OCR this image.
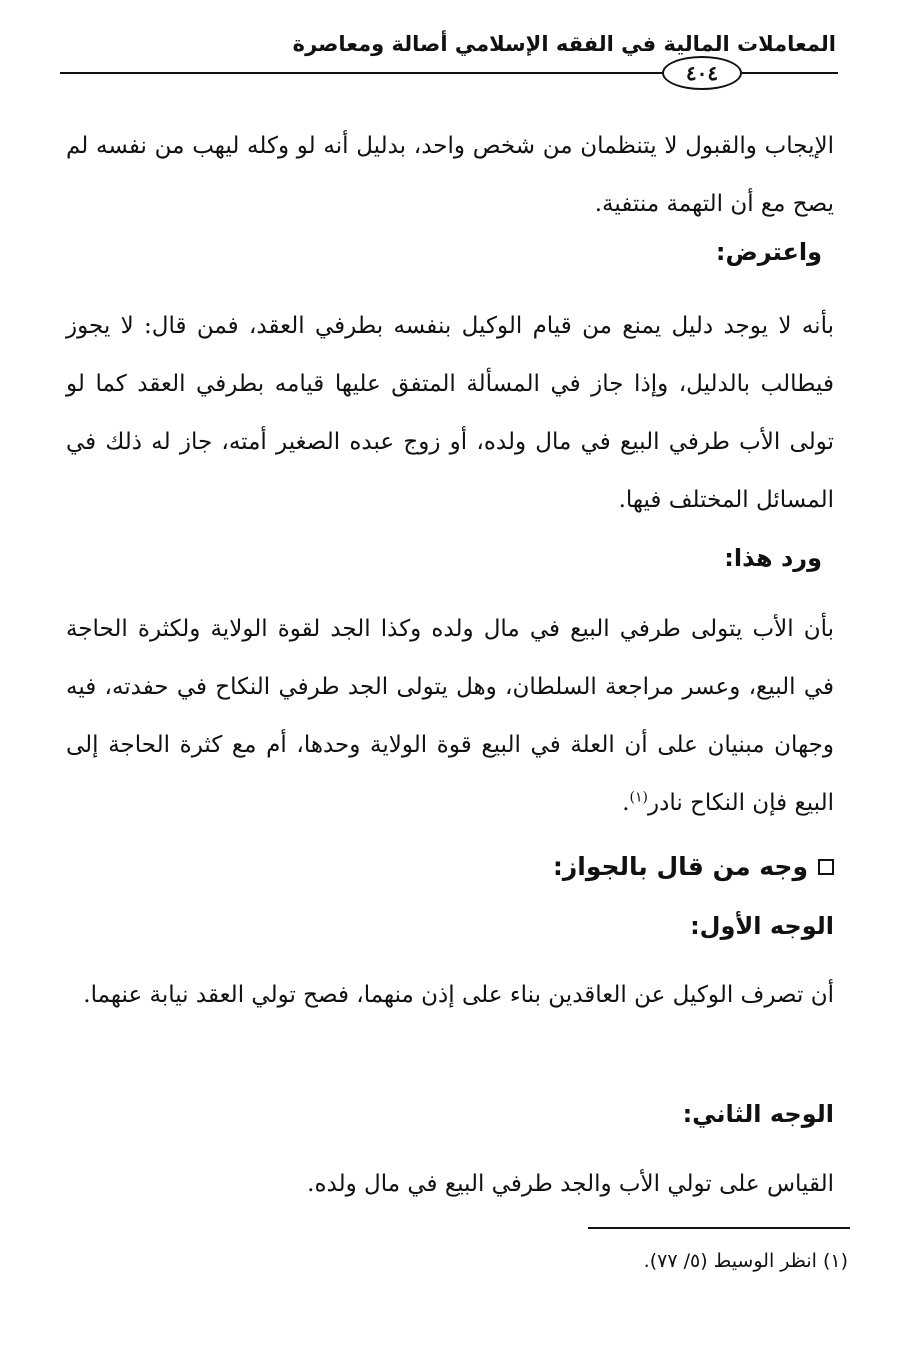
المعاملات المالية في الفقه الإسلامي أصالة ومعاصرة
٤٠٤
الإيجاب والقبول لا يتنظمان من شخص واحد، بدليل أنه لو وكله ليهب من نفسه لم يصح مع أن التهمة منتفية.
واعترض:
بأنه لا يوجد دليل يمنع من قيام الوكيل بنفسه بطرفي العقد، فمن قال: لا يجوز فيطالب بالدليل، وإذا جاز في المسألة المتفق عليها قيامه بطرفي العقد كما لو تولى الأب طرفي البيع في مال ولده، أو زوج عبده الصغير أمته، جاز له ذلك في المسائل المختلف فيها.
ورد هذا:
بأن الأب يتولى طرفي البيع في مال ولده وكذا الجد لقوة الولاية ولكثرة الحاجة في البيع، وعسر مراجعة السلطان، وهل يتولى الجد طرفي النكاح في حفدته، فيه وجهان مبنيان على أن العلة في البيع قوة الولاية وحدها، أم مع كثرة الحاجة إلى البيع فإن النكاح نادر$^{(١)}$.
وجه من قال بالجواز:
الوجه الأول:
أن تصرف الوكيل عن العاقدين بناء على إذن منهما، فصح تولي العقد نيابة عنهما.
الوجه الثاني:
القياس على تولي الأب والجد طرفي البيع في مال ولده.
(١) انظر الوسيط (٥/ ٧٧).
